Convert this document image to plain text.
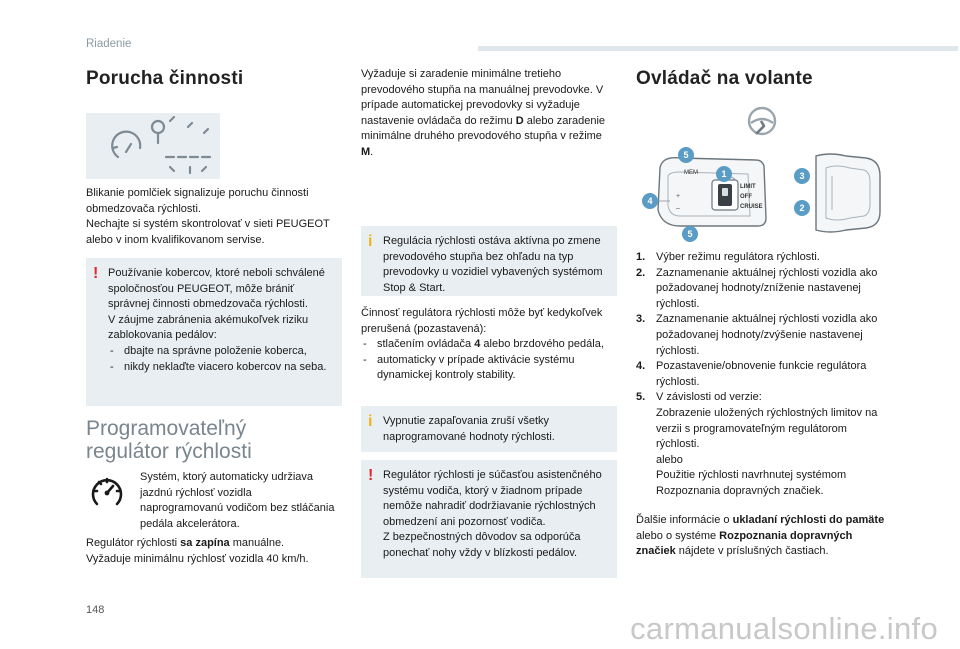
Riadenie
Porucha činnosti

Blikanie pomlčiek signalizuje poruchu činnosti obmedzovača rýchlosti.

Nechajte si systém skontrolovať v sieti PEUGEOT alebo v inom kvalifikovanom servise.

! Používanie kobercov, ktoré neboli schválené spoločnosťou PEUGEOT, môže brániť správnej činnosti obmedzovača rýchlosti.

V záujme zabránenia akémukoľvek riziku zablokovania pedálov:

- dbajte na správne položenie koberca,
- nikdy neklaďte viacero kobercov na seba.
Programovateľný
regulátor rýchlosti
Systém, ktorý automaticky udržiava jazdnú rýchlosť vozidla naprogramovanú vodičom bez stláčania pedála akcelerátora.

Regulátor rýchlosti sa zapína manuálne.

Vyžaduje minimálnu rýchlosť vozidla 40 km/h.

Vyžaduje si zaradenie minimálne tretieho prevodového stupňa na manuálnej prevodovke. V prípade automatickej prevodovky si vyžaduje nastavenie ovládača do režimu D alebo zaradenie minimálne druhého prevodového stupňa v režime M.

i Regulácia rýchlosti ostáva aktívna po zmene prevodového stupňa bez ohľadu na typ prevodovky u vozidiel vybavených systémom Stop & Start.

Činnosť regulátora rýchlosti môže byť kedykoľvek prerušená (pozastavená):

- stlačením ovládača 4 alebo brzdového pedála,
- automaticky v prípade aktivácie systému dynamickej kontroly stability.
i Vypnutie zapaľovania zruší všetky naprogramované hodnoty rýchlosti.

! Regulátor rýchlosti je súčasťou asistenčného systému vodiča, ktorý v žiadnom prípade nemôže nahradiť dodržiavanie rýchlostných obmedzení ani pozornosť vodiča.

Z bezpečnostných dôvodov sa odporúča ponechať nohy vždy v blízkosti pedálov.

Ovládač na volante
MEM
LIMIT
OFF
CRUISE
+
–
1
2
3
4
5
5
1. Výber režimu regulátora rýchlosti.
2. Zaznamenanie aktuálnej rýchlosti vozidla ako požadovanej hodnoty/zníženie nastavenej rýchlosti.
3. Zaznamenanie aktuálnej rýchlosti vozidla ako požadovanej hodnoty/zvýšenie nastavenej rýchlosti.
4. Pozastavenie/obnovenie funkcie regulátora rýchlosti.
5. V závislosti od verzie:

Zobrazenie uložených rýchlostných limitov na verzii s programovateľným regulátorom rýchlosti.

alebo

Použitie rýchlosti navrhnutej systémom Rozpoznania dopravných značiek.

Ďalšie informácie o ukladaní rýchlosti do pamäte alebo o systéme Rozpoznania dopravných značiek nájdete v príslušných častiach.

148
carmanualsonline.info
